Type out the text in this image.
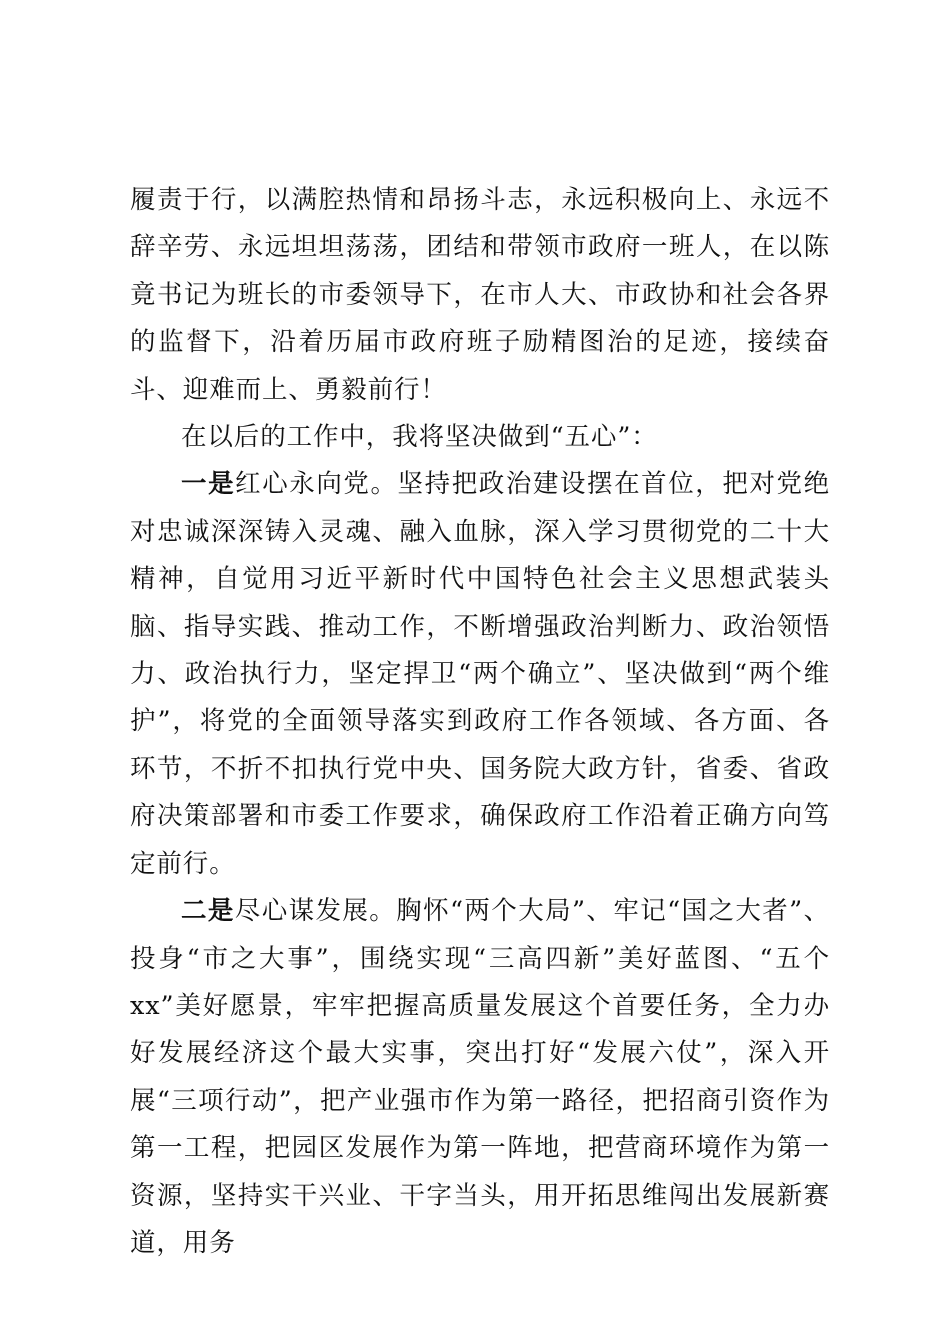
履责于行，以满腔热情和昂扬斗志，永远积极向上、永远不辞辛劳、永远坦坦荡荡，团结和带领市政府一班人，在以陈竟书记为班长的市委领导下，在市人大、市政协和社会各界的监督下，沿着历届市政府班子励精图治的足迹，接续奋斗、迎难而上、勇毅前行！

在以后的工作中，我将坚决做到“五心”：

一是红心永向党。坚持把政治建设摆在首位，把对党绝对忠诚深深铸入灵魂、融入血脉，深入学习贯彻党的二十大精神，自觉用习近平新时代中国特色社会主义思想武装头脑、指导实践、推动工作，不断增强政治判断力、政治领悟力、政治执行力，坚定捍卫“两个确立”、坚决做到“两个维护”，将党的全面领导落实到政府工作各领域、各方面、各环节，不折不扣执行党中央、国务院大政方针，省委、省政府决策部署和市委工作要求，确保政府工作沿着正确方向笃定前行。

二是尽心谋发展。胸怀“两个大局”、牢记“国之大者”、投身“市之大事”，围绕实现“三高四新”美好蓝图、“五个xx”美好愿景，牢牢把握高质量发展这个首要任务，全力办好发展经济这个最大实事，突出打好“发展六仗”，深入开展“三项行动”，把产业强市作为第一路径，把招商引资作为第一工程，把园区发展作为第一阵地，把营商环境作为第一资源，坚持实干兴业、干字当头，用开拓思维闯出发展新赛道，用务
